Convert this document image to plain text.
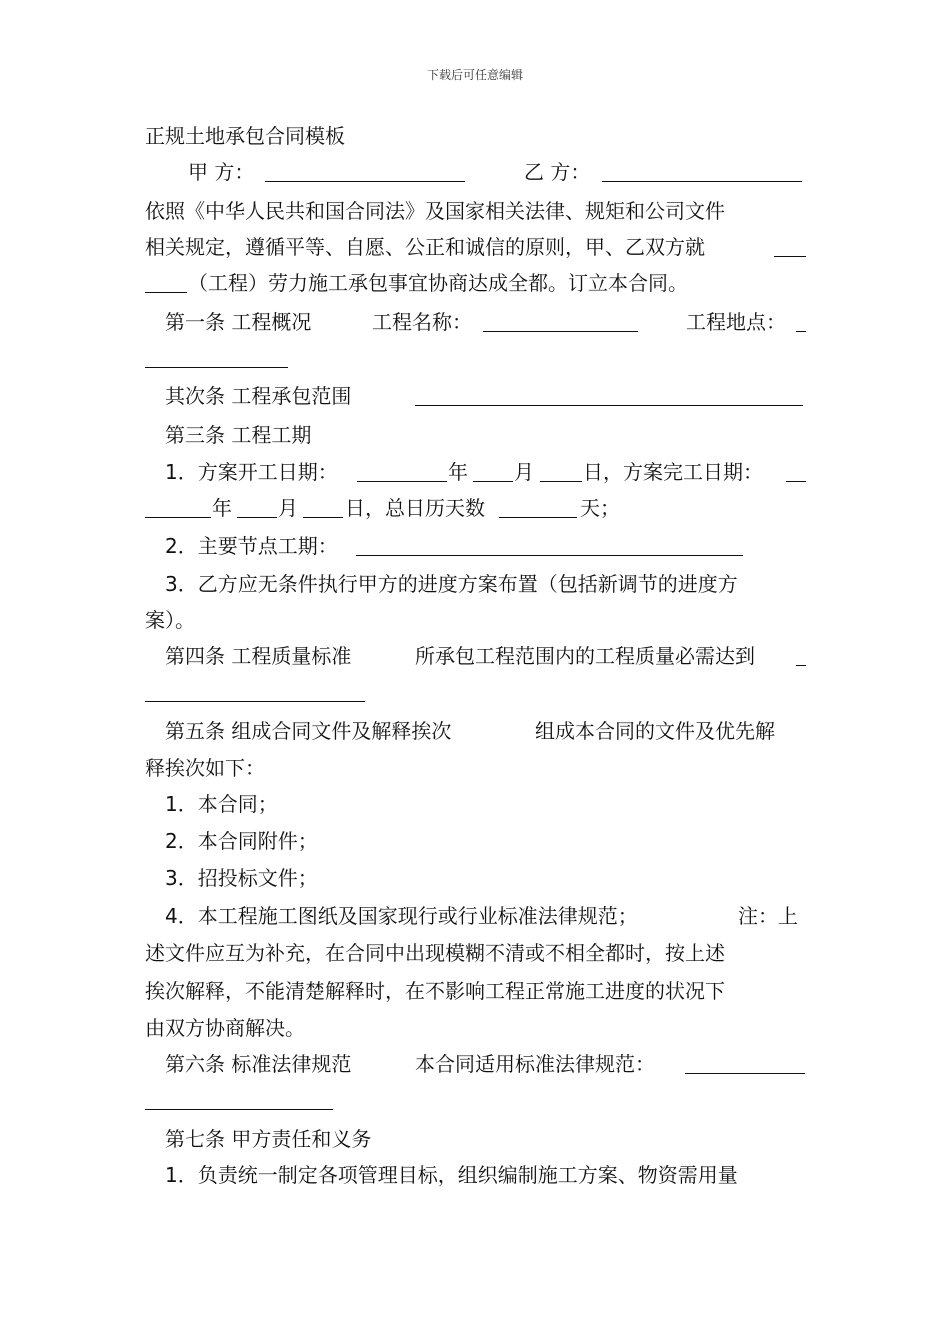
下载后可任意编辑
正规土地承包合同模板
甲 方：	乙 方：
依照《中华人民共和国合同法》及国家相关法律、规矩和公司文件
相关规定，遵循平等、自愿、公正和诚信的原则，甲、乙双方就
（工程）劳力施工承包事宜协商达成全都。订立本合同。
第一条 工程概况	工程名称：	工程地点：
其次条 工程承包范围
第三条 工程工期
1．方案开工日期：	年 月 日，方案完工日期：
年 月 日，总日历天数	天；
2．主要节点工期：
3．乙方应无条件执行甲方的进度方案布置（包括新调节的进度方
案）。
第四条 工程质量标准	所承包工程范围内的工程质量必需达到
第五条 组成合同文件及解释挨次	组成本合同的文件及优先解
释挨次如下：
1．本合同；
2．本合同附件；
3．招投标文件；
4．本工程施工图纸及国家现行或行业标准法律规范；	注：上
述文件应互为补充，在合同中出现模糊不清或不相全都时，按上述
挨次解释，不能清楚解释时，在不影响工程正常施工进度的状况下
由双方协商解决。
第六条 标准法律规范	本合同适用标准法律规范：
第七条 甲方责任和义务
1．负责统一制定各项管理目标，组织编制施工方案、物资需用量
